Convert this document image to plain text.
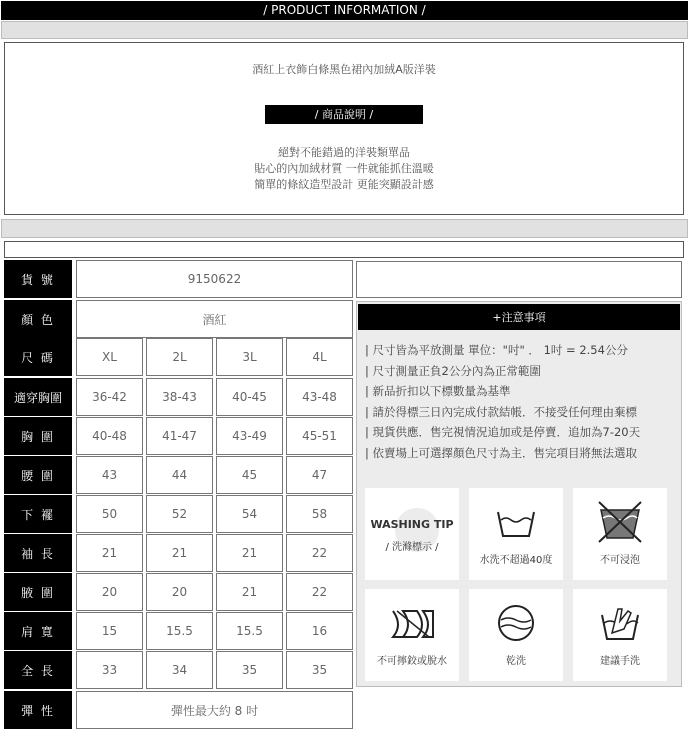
/ PRODUCT INFORMATION /
酒紅上衣飾白條黑色裙內加絨A版洋裝
/ 商品說明 /
絕對不能錯過的洋裝類單品
貼心的內加絨材質 一件就能抓住溫暖
簡單的條紋造型設計 更能突顯設計感
貨 號	9150622
顏 色	酒紅
尺 碼	XL	2L	3L	4L
適穿胸圍	36-42	38-43	40-45	43-48
胸 圍	40-48	41-47	43-49	45-51
腰 圍	43	44	45	47
下 襬	50	52	54	58
袖 長	21	21	21	22
腋 圍	20	20	21	22
肩 寬	15	15.5	15.5	16
全 長	33	34	35	35
彈 性	彈性最大約 8 吋
+注意事項
| 尺寸皆為平放測量 單位："吋" ． 1吋 = 2.54公分
| 尺寸測量正負2公分內為正常範圍
| 新品折扣以下標數量為基準
| 請於得標三日內完成付款結帳．不接受任何理由棄標
| 現貨供應．售完視情況追加或是停賣．追加為7-20天
| 依賣場上可選擇顏色尺寸為主．售完項目將無法選取
WASHING TIP
/ 洗滌標示 /
水洗不超過40度	不可浸泡
不可擰鉸或脫水	乾洗	建議手洗
